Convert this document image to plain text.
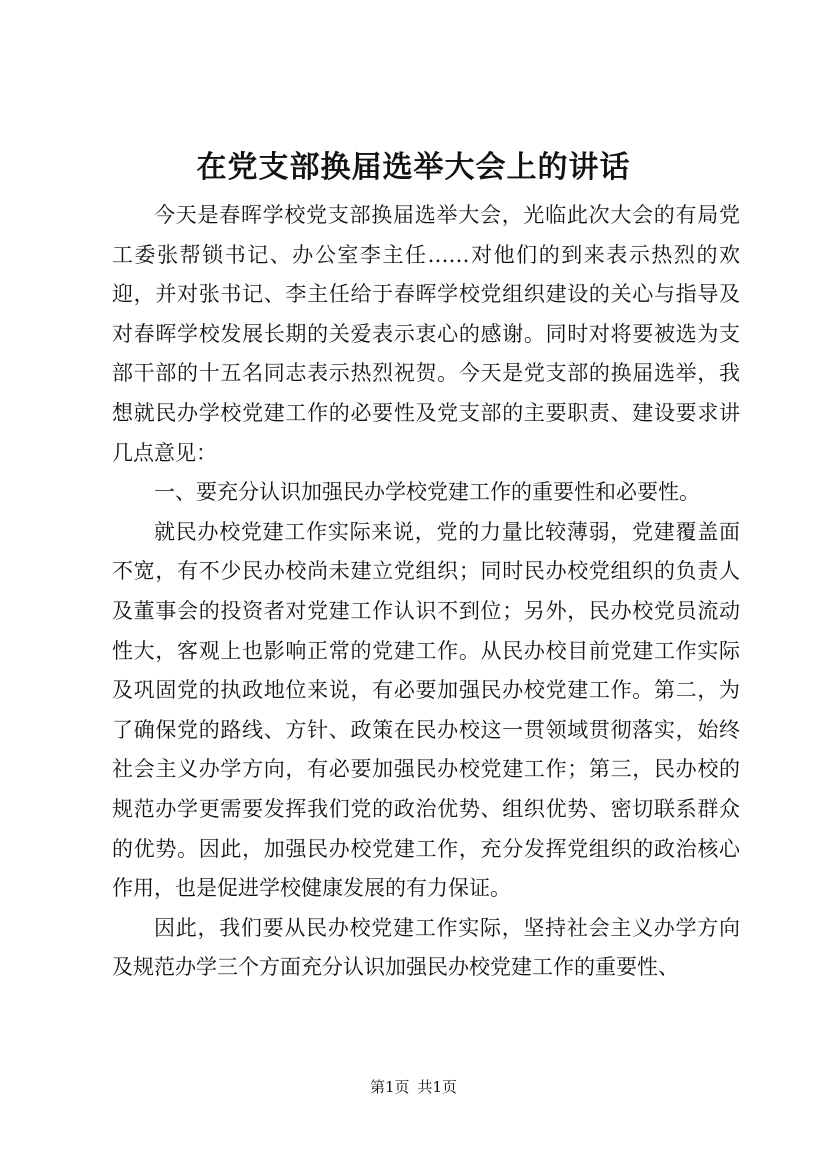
在党支部换届选举大会上的讲话

今天是春晖学校党支部换届选举大会，光临此次大会的有局党工委张帮锁书记、办公室李主任……对他们的到来表示热烈的欢迎，并对张书记、李主任给于春晖学校党组织建设的关心与指导及对春晖学校发展长期的关爱表示衷心的感谢。同时对将要被选为支部干部的十五名同志表示热烈祝贺。今天是党支部的换届选举，我想就民办学校党建工作的必要性及党支部的主要职责、建设要求讲几点意见：

一、要充分认识加强民办学校党建工作的重要性和必要性。

就民办校党建工作实际来说，党的力量比较薄弱，党建覆盖面不宽，有不少民办校尚未建立党组织；同时民办校党组织的负责人及董事会的投资者对党建工作认识不到位；另外，民办校党员流动性大，客观上也影响正常的党建工作。从民办校目前党建工作实际及巩固党的执政地位来说，有必要加强民办校党建工作。第二，为了确保党的路线、方针、政策在民办校这一贯领域贯彻落实，始终社会主义办学方向，有必要加强民办校党建工作；第三，民办校的规范办学更需要发挥我们党的政治优势、组织优势、密切联系群众的优势。因此，加强民办校党建工作，充分发挥党组织的政治核心作用，也是促进学校健康发展的有力保证。

因此，我们要从民办校党建工作实际，坚持社会主义办学方向及规范办学三个方面充分认识加强民办校党建工作的重要性、

第1页 共1页
